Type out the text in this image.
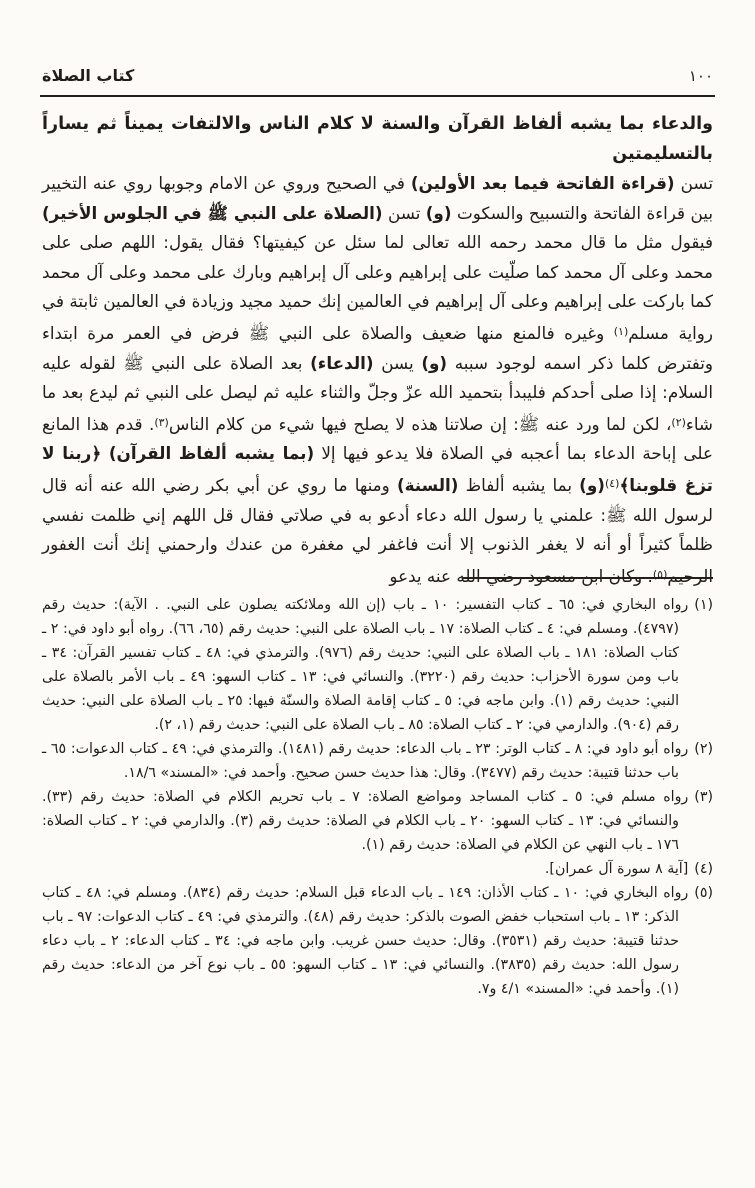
١٠٠
كتاب الصلاة
والدعاء بما يشبه ألفاظ القرآن والسنة لا كلام الناس والالتفات يميناً ثم يساراً بالتسليمتين

تسن (قراءة الفاتحة فيما بعد الأولين) في الصحيح وروي عن الامام وجوبها روي عنه التخيير بين قراءة الفاتحة والتسبيح والسكوت (و) تسن (الصلاة على النبي ﷺ في الجلوس الأخير) فيقول مثل ما قال محمد رحمه الله تعالى لما سئل عن كيفيتها؟ فقال يقول: اللهم صلى على محمد وعلى آل محمد كما صلّيت على إبراهيم وعلى آل إبراهيم وبارك على محمد وعلى آل محمد كما باركت على إبراهيم وعلى آل إبراهيم في العالمين إنك حميد مجيد وزيادة في العالمين ثابتة في رواية مسلم$^{(١)}$ وغيره فالمنع منها ضعيف والصلاة على النبي ﷺ فرض في العمر مرة ابتداء وتفترض كلما ذكر اسمه لوجود سببه (و) يسن (الدعاء) بعد الصلاة على النبي ﷺ لقوله عليه السلام: إذا صلى أحدكم فليبدأ بتحميد الله عزّ وجلّ والثناء عليه ثم ليصل على النبي ثم ليدع بعد ما شاء$^{(٢)}$، لكن لما ورد عنه ﷺ: إن صلاتنا هذه لا يصلح فيها شيء من كلام الناس$^{(٣)}$. قدم هذا المانع على إباحة الدعاء بما أعجبه في الصلاة فلا يدعو فيها إلا (بما يشبه ألفاظ القرآن) ﴿ربنا لا تزغ قلوبنا﴾$^{(٤)}$(و) بما يشبه ألفاظ (السنة) ومنها ما روي عن أبي بكر رضي الله عنه أنه قال لرسول الله ﷺ: علمني يا رسول الله دعاء أدعو به في صلاتي فقال قل اللهم إني ظلمت نفسي ظلماً كثيراً أو أنه لا يغفر الذنوب إلا أنت فاغفر لي مغفرة من عندك وارحمني إنك أنت الغفور الرحيم$^{(٥)}$. وكان ابن مسعود رضي الله عنه يدعو

(١)رواه البخاري في: ٦٥ ـ كتاب التفسير: ١٠ ـ باب (إن الله وملائكته يصلون على النبي. . الآية): حديث رقم (٤٧٩٧). ومسلم في: ٤ ـ كتاب الصلاة: ١٧ ـ باب الصلاة على النبي: حديث رقم (٦٥، ٦٦). رواه أبو داود في: ٢ ـ كتاب الصلاة: ١٨١ ـ باب الصلاة على النبي: حديث رقم (٩٧٦). والترمذي في: ٤٨ ـ كتاب تفسير القرآن: ٣٤ ـ باب ومن سورة الأحزاب: حديث رقم (٣٢٢٠). والنسائي في: ١٣ ـ كتاب السهو: ٤٩ ـ باب الأمر بالصلاة على النبي: حديث رقم (١). وابن ماجه في: ٥ ـ كتاب إقامة الصلاة والسنّة فيها: ٢٥ ـ باب الصلاة على النبي: حديث رقم (٩٠٤). والدارمي في: ٢ ـ كتاب الصلاة: ٨٥ ـ باب الصلاة على النبي: حديث رقم (١، ٢).

(٢)رواه أبو داود في: ٨ ـ كتاب الوتر: ٢٣ ـ باب الدعاء: حديث رقم (١٤٨١). والترمذي في: ٤٩ ـ كتاب الدعوات: ٦٥ ـ باب حدثنا قتيبة: حديث رقم (٣٤٧٧). وقال: هذا حديث حسن صحيح. وأحمد في: «المسند» ١٨/٦.

(٣)رواه مسلم في: ٥ ـ كتاب المساجد ومواضع الصلاة: ٧ ـ باب تحريم الكلام في الصلاة: حديث رقم (٣٣). والنسائي في: ١٣ ـ كتاب السهو: ٢٠ ـ باب الكلام في الصلاة: حديث رقم (٣). والدارمي في: ٢ ـ كتاب الصلاة: ١٧٦ ـ باب النهي عن الكلام في الصلاة: حديث رقم (١).

(٤)[آية ٨ سورة آل عمران].

(٥)رواه البخاري في: ١٠ ـ كتاب الأذان: ١٤٩ ـ باب الدعاء قبل السلام: حديث رقم (٨٣٤). ومسلم في: ٤٨ ـ كتاب الذكر: ١٣ ـ باب استحباب خفض الصوت بالذكر: حديث رقم (٤٨). والترمذي في: ٤٩ ـ كتاب الدعوات: ٩٧ ـ باب حدثنا قتيبة: حديث رقم (٣٥٣١). وقال: حديث حسن غريب. وابن ماجه في: ٣٤ ـ كتاب الدعاء: ٢ ـ باب دعاء رسول الله: حديث رقم (٣٨٣٥). والنسائي في: ١٣ ـ كتاب السهو: ٥٥ ـ باب نوع آخر من الدعاء: حديث رقم (١). وأحمد في: «المسند» ٤/١ و٧.
